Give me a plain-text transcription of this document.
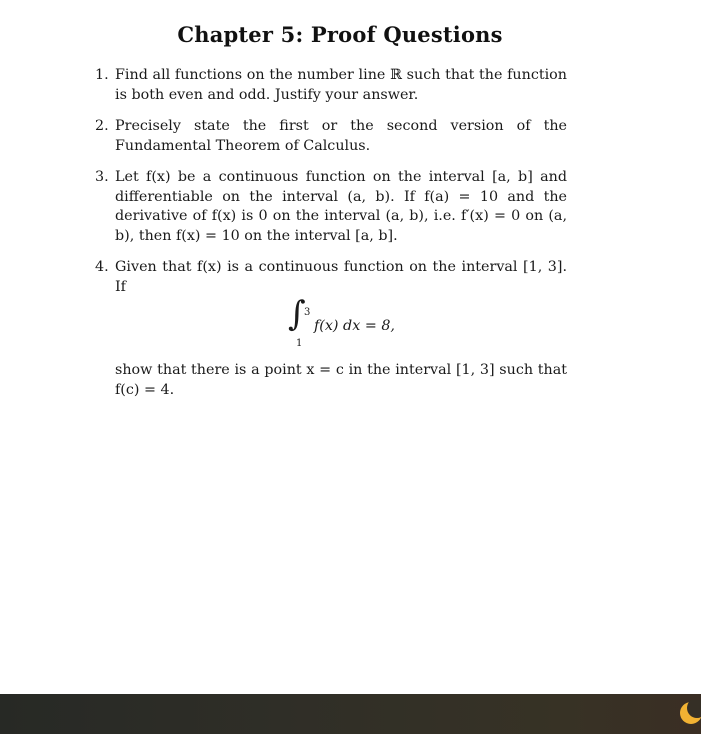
Chapter 5: Proof Questions
1. Find all functions on the number line ℝ such that the function is both even and odd. Justify your answer.

2. Precisely state the first or the second version of the Fundamental Theorem of Calculus.

3. Let f(x) be a continuous function on the interval [a, b] and differentiable on the interval (a, b). If f(a) = 10 and the derivative of f(x) is 0 on the interval (a, b), i.e. f′(x) = 0 on (a, b), then f(x) = 10 on the interval [a, b].

4. Given that f(x) is a continuous function on the interval [1, 3]. If

∫
3
1
f(x) dx = 8,

show that there is a point x = c in the interval [1, 3] such that f(c) = 4.
